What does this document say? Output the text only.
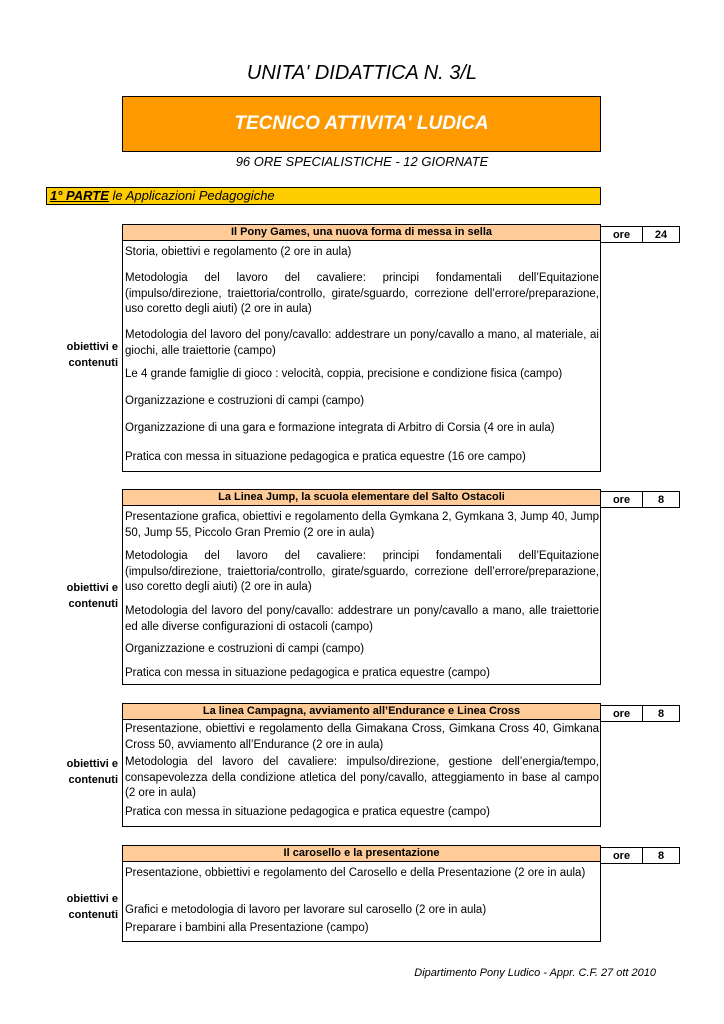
UNITA' DIDATTICA N. 3/L
TECNICO ATTIVITA' LUDICA
96 ORE SPECIALISTICHE - 12 GIORNATE
1° PARTE le Applicazioni Pedagogiche
Il Pony Games, una nuova forma di messa in sella	ore	24
Storia, obiettivi e regolamento (2 ore in aula)
Metodologia del lavoro del cavaliere: principi fondamentali dell’Equitazione (impulso/direzione, traiettoria/controllo, girate/sguardo, correzione dell’errore/preparazione, uso coretto degli aiuti) (2 ore in aula)
Metodologia del lavoro del pony/cavallo: addestrare un pony/cavallo a mano, al materiale, ai giochi, alle traiettorie (campo)
Le 4 grande famiglie di gioco : velocità, coppia, precisione e condizione fisica (campo)
Organizzazione e costruzioni di campi (campo)
Organizzazione di una gara e formazione integrata di Arbitro di Corsia (4 ore in aula)
Pratica con messa in situazione pedagogica e pratica equestre (16 ore campo)
obiettivi e
contenuti
La Linea Jump, la scuola elementare del Salto Ostacoli	ore	8
Presentazione grafica, obiettivi e regolamento della Gymkana 2, Gymkana 3, Jump 40, Jump 50, Jump 55, Piccolo Gran Premio (2 ore in aula)
Metodologia del lavoro del cavaliere: principi fondamentali dell’Equitazione (impulso/direzione, traiettoria/controllo, girate/sguardo, correzione dell’errore/preparazione, uso coretto degli aiuti) (2 ore in aula)
Metodologia del lavoro del pony/cavallo: addestrare un pony/cavallo a mano, alle traiettorie ed alle diverse configurazioni di ostacoli (campo)
Organizzazione e costruzioni di campi (campo)
Pratica con messa in situazione pedagogica e pratica equestre (campo)
obiettivi e
contenuti
La linea Campagna, avviamento all’Endurance e Linea Cross	ore	8
Presentazione, obiettivi e regolamento della Gimakana Cross, Gimkana Cross 40, Gimkana Cross 50, avviamento all’Endurance (2 ore in aula)
Metodologia del lavoro del cavaliere: impulso/direzione, gestione dell’energia/tempo, consapevolezza della condizione atletica del pony/cavallo, atteggiamento in base al campo (2 ore in aula)
Pratica con messa in situazione pedagogica e pratica equestre (campo)
obiettivi e
contenuti
Il carosello e la presentazione	ore	8
Presentazione, obbiettivi e regolamento del Carosello e della Presentazione (2 ore in aula)
Grafici e metodologia di lavoro per lavorare sul carosello (2 ore in aula)
Preparare i bambini alla Presentazione (campo)
obiettivi e
contenuti
Dipartimento Pony Ludico - Appr. C.F. 27 ott 2010
